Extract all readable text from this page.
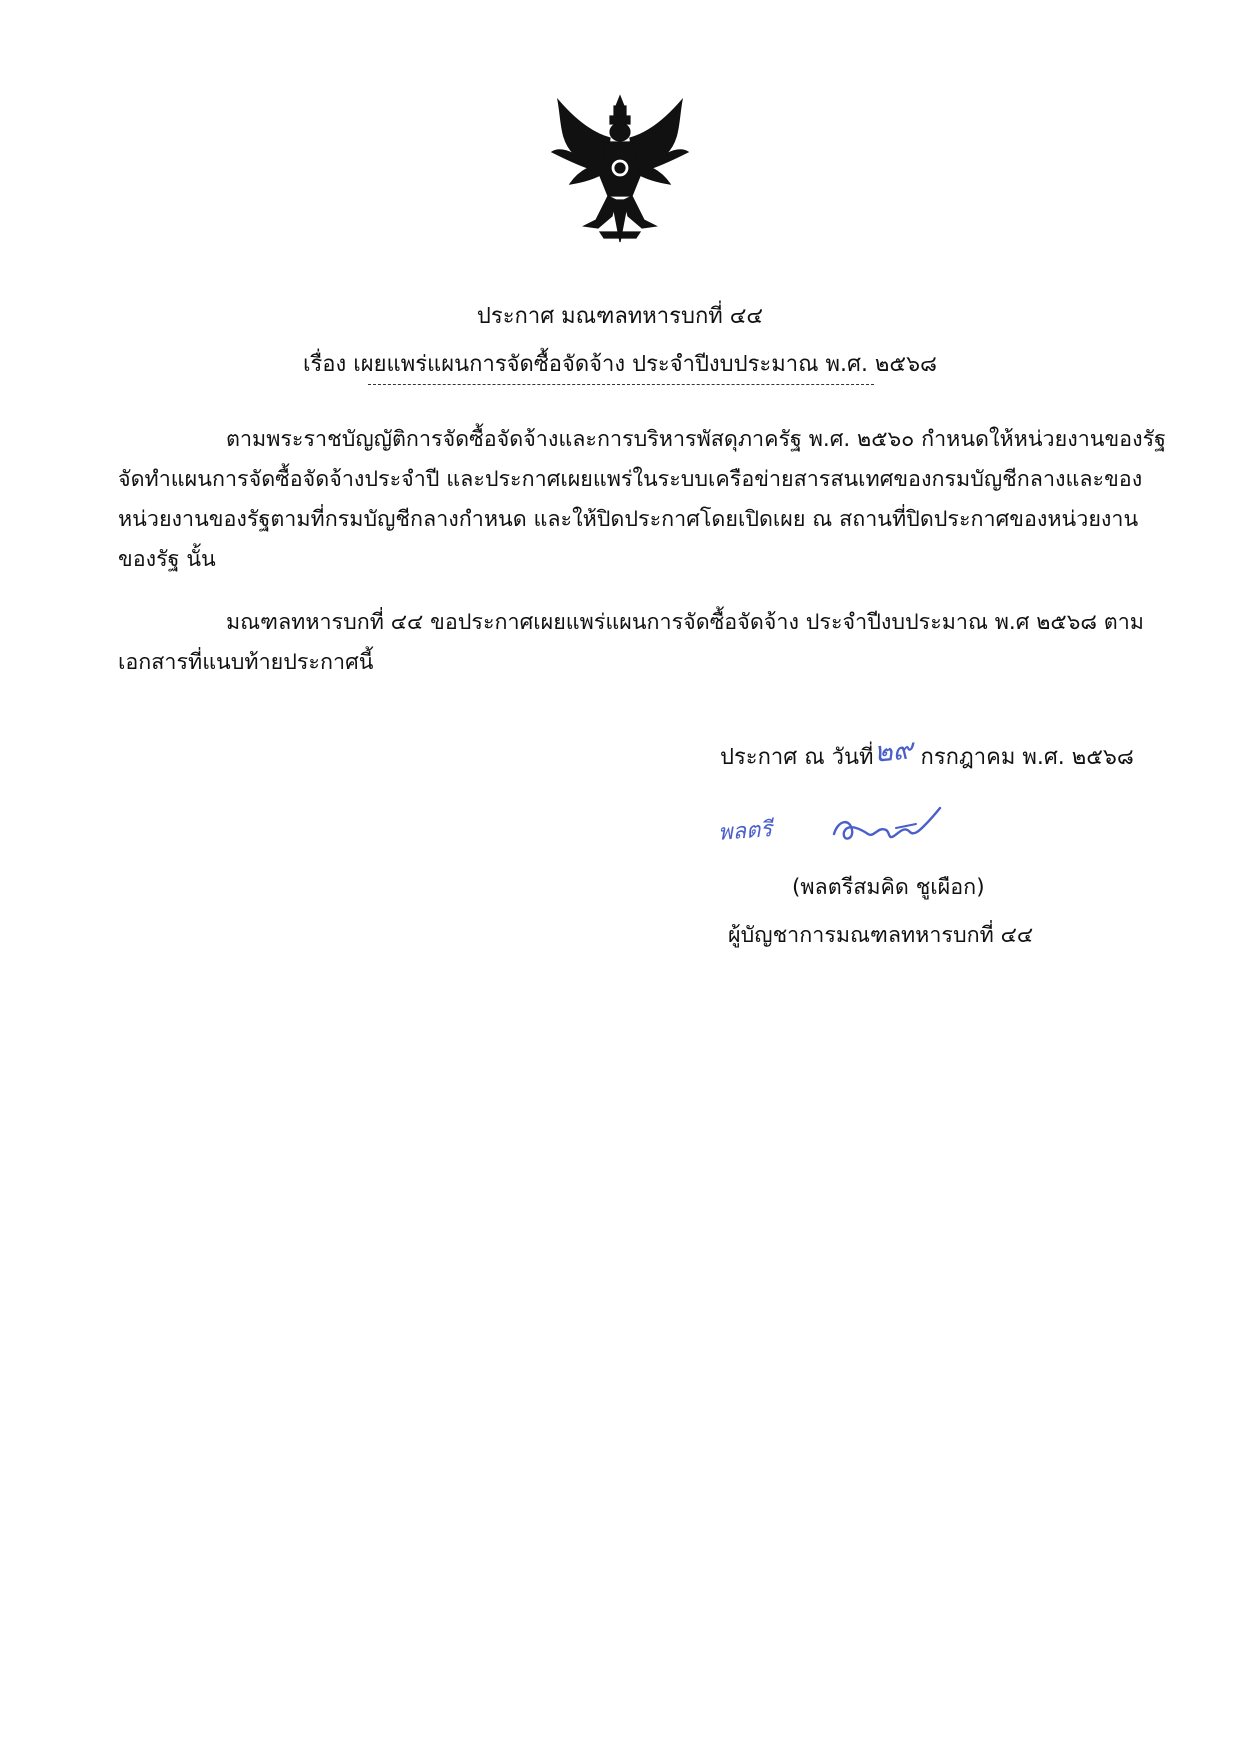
ประกาศ มณฑลทหารบกที่ ๔๔
เรื่อง เผยแพร่แผนการจัดซื้อจัดจ้าง ประจำปีงบประมาณ พ.ศ. ๒๕๖๘
ตามพระราชบัญญัติการจัดซื้อจัดจ้างและการบริหารพัสดุภาครัฐ พ.ศ. ๒๕๖๐ กำหนดให้หน่วยงานของรัฐ
จัดทำแผนการจัดซื้อจัดจ้างประจำปี และประกาศเผยแพร่ในระบบเครือข่ายสารสนเทศของกรมบัญชีกลางและของ
หน่วยงานของรัฐตามที่กรมบัญชีกลางกำหนด และให้ปิดประกาศโดยเปิดเผย ณ สถานที่ปิดประกาศของหน่วยงาน
ของรัฐ นั้น
มณฑลทหารบกที่ ๔๔ ขอประกาศเผยแพร่แผนการจัดซื้อจัดจ้าง ประจำปีงบประมาณ พ.ศ ๒๕๖๘ ตาม
เอกสารที่แนบท้ายประกาศนี้
ประกาศ ณ วันที่๒๙ กรกฎาคม พ.ศ. ๒๕๖๘
พลตรี
(พลตรีสมคิด ชูเผือก)
ผู้บัญชาการมณฑลทหารบกที่ ๔๔
